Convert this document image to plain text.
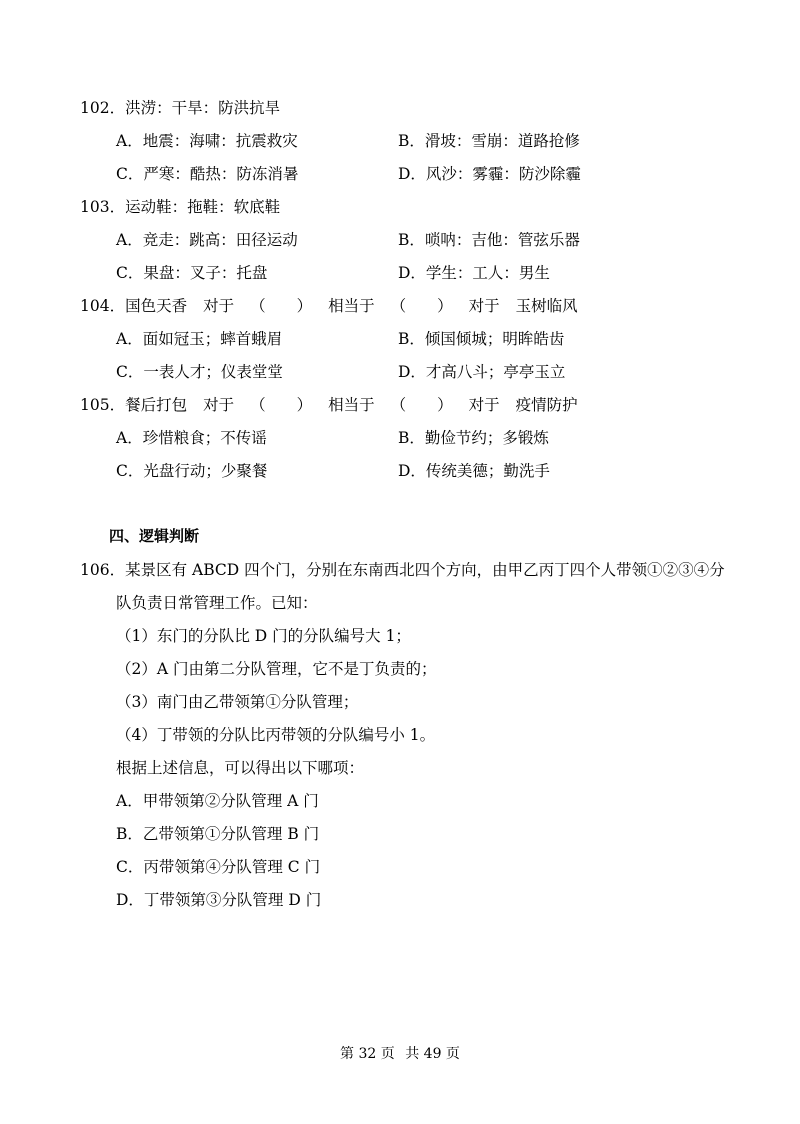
102．洪涝：干旱：防洪抗旱
A．地震：海啸：抗震救灾	B．滑坡：雪崩：道路抢修
C．严寒：酷热：防冻消暑	D．风沙：雾霾：防沙除霾
103．运动鞋：拖鞋：软底鞋
A．竞走：跳高：田径运动	B．唢呐：吉他：管弦乐器
C．果盘：叉子：托盘	D．学生：工人：男生
104．国色天香 对于 （　　） 相当于 （　　） 对于 玉树临风
A．面如冠玉；蟀首蛾眉	B．倾国倾城；明眸皓齿
C．一表人才；仪表堂堂	D．才高八斗；亭亭玉立
105．餐后打包 对于 （　　） 相当于 （　　） 对于 疫情防护
A．珍惜粮食；不传谣	B．勤俭节约；多锻炼
C．光盘行动；少聚餐	D．传统美德；勤洗手
四、逻辑判断
106．某景区有 ABCD 四个门，分别在东南西北四个方向，由甲乙丙丁四个人带领①②③④分
队负责日常管理工作。已知：
（1）东门的分队比 D 门的分队编号大 1；
（2）A 门由第二分队管理，它不是丁负责的；
（3）南门由乙带领第①分队管理；
（4）丁带领的分队比丙带领的分队编号小 1。
根据上述信息，可以得出以下哪项：
A．甲带领第②分队管理 A 门
B．乙带领第①分队管理 B 门
C．丙带领第④分队管理 C 门
D．丁带领第③分队管理 D 门
第 32 页 共 49 页
